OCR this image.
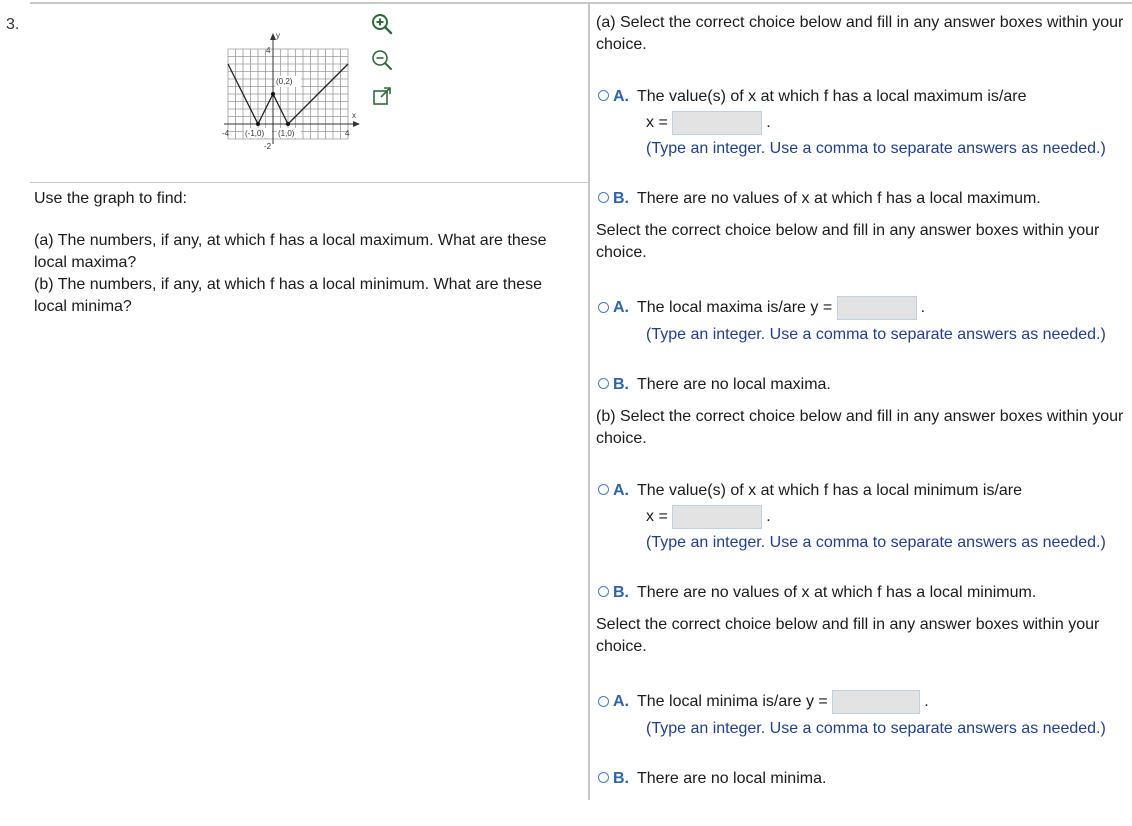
3.
y
x
4
-2
-4	4
(0,2)
(-1,0) (1,0)

Use the graph to find:

(a) The numbers, if any, at which f has a local maximum. What are these local maxima?

(b) The numbers, if any, at which f has a local minimum. What are these local minima?

(a) Select the correct choice below and fill in any answer boxes within your choice.
A. The value(s) of x at which f has a local maximum is/are
x =	.
(Type an integer. Use a comma to separate answers as needed.)
B. There are no values of x at which f has a local maximum.
Select the correct choice below and fill in any answer boxes within your choice.
A. The local maxima is/are y =	.
(Type an integer. Use a comma to separate answers as needed.)
B. There are no local maxima.
(b) Select the correct choice below and fill in any answer boxes within your choice.
A. The value(s) of x at which f has a local minimum is/are
x =	.
(Type an integer. Use a comma to separate answers as needed.)
B. There are no values of x at which f has a local minimum.
Select the correct choice below and fill in any answer boxes within your choice.
A. The local minima is/are y =	.
(Type an integer. Use a comma to separate answers as needed.)
B. There are no local minima.
